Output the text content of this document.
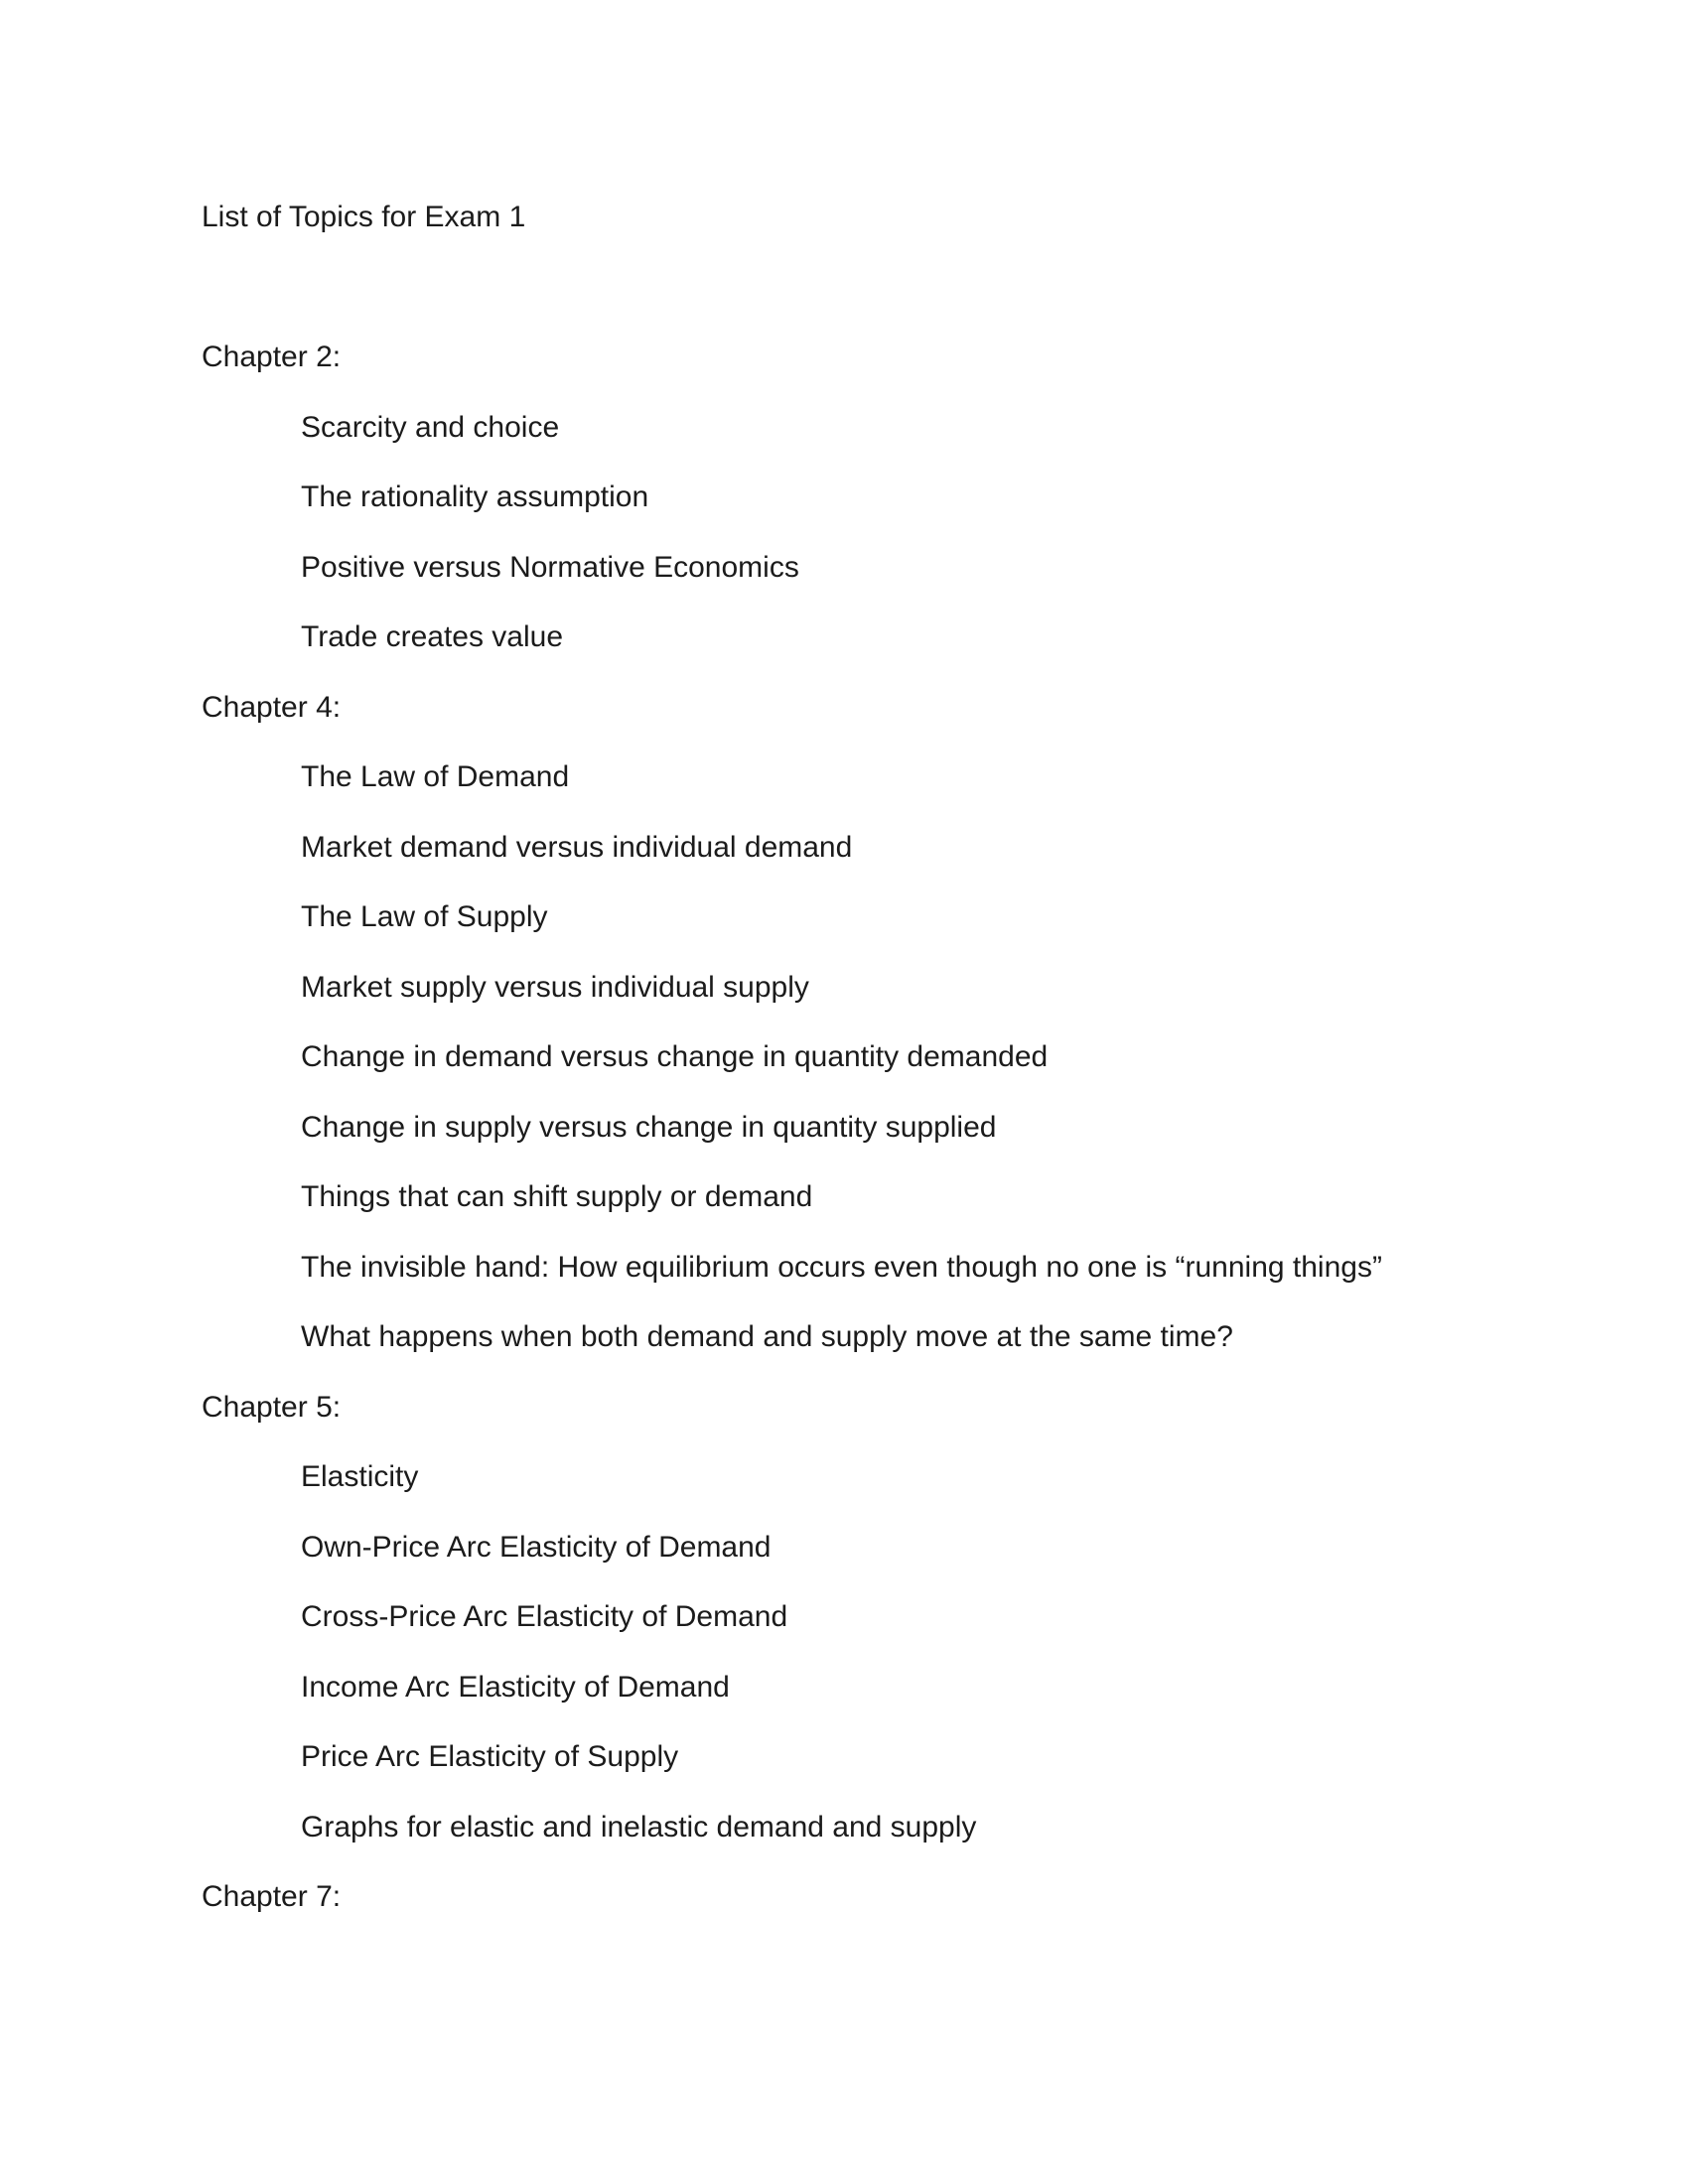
List of Topics for Exam 1

Chapter 2:

Scarcity and choice

The rationality assumption

Positive versus Normative Economics

Trade creates value

Chapter 4:

The Law of Demand

Market demand versus individual demand

The Law of Supply

Market supply versus individual supply

Change in demand versus change in quantity demanded

Change in supply versus change in quantity supplied

Things that can shift supply or demand

The invisible hand: How equilibrium occurs even though no one is “running things”

What happens when both demand and supply move at the same time?

Chapter 5:

Elasticity

Own-Price Arc Elasticity of Demand

Cross-Price Arc Elasticity of Demand

Income Arc Elasticity of Demand

Price Arc Elasticity of Supply

Graphs for elastic and inelastic demand and supply

Chapter 7:
